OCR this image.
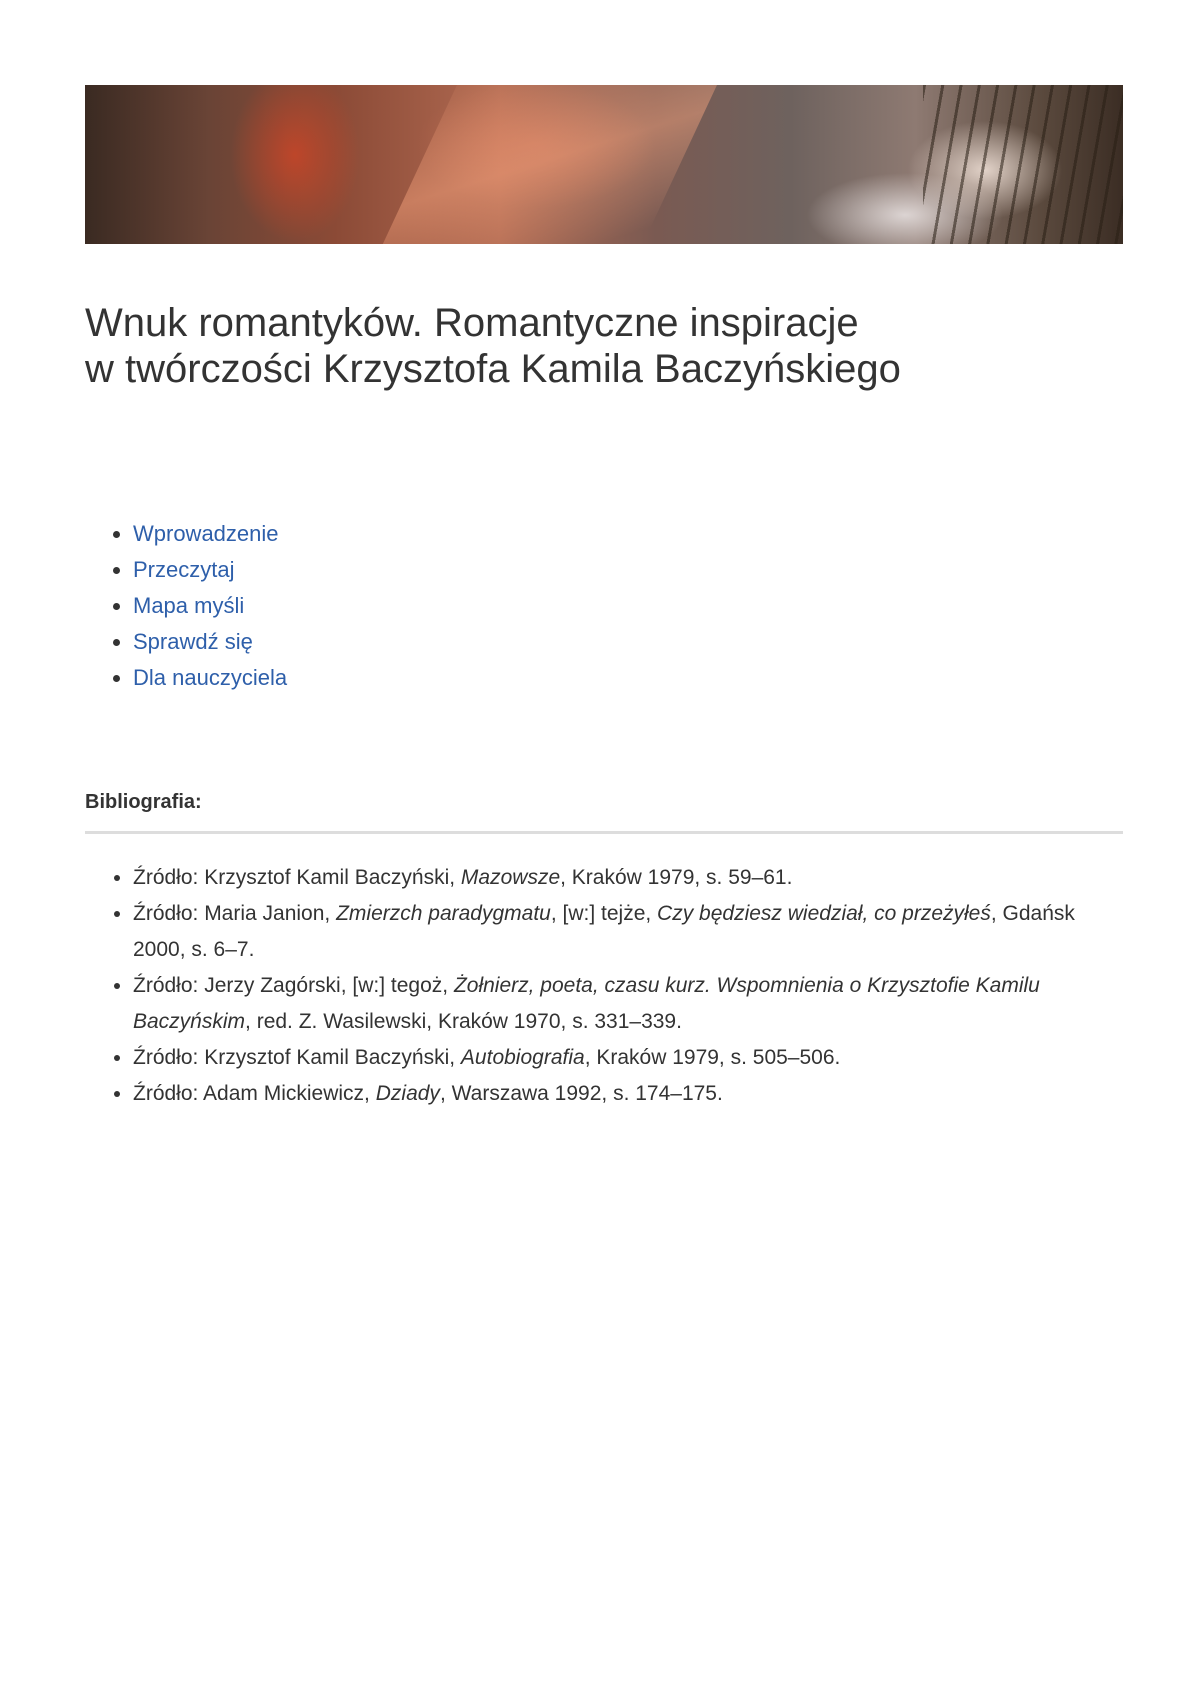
Wnuk romantyków. Romantyczne inspiracje
w twórczości Krzysztofa Kamila Baczyńskiego
• Wprowadzenie
• Przeczytaj
• Mapa myśli
• Sprawdź się
• Dla nauczyciela
Bibliografia:
• Źródło: Krzysztof Kamil Baczyński, Mazowsze, Kraków 1979, s. 59–61.
• Źródło: Maria Janion, Zmierzch paradygmatu, [w:] tejże, Czy będziesz wiedział, co przeżyłeś, Gdańsk 2000, s. 6–7.
• Źródło: Jerzy Zagórski, [w:] tegoż, Żołnierz, poeta, czasu kurz. Wspomnienia o Krzysztofie Kamilu Baczyńskim, red. Z. Wasilewski, Kraków 1970, s. 331–339.
• Źródło: Krzysztof Kamil Baczyński, Autobiografia, Kraków 1979, s. 505–506.
• Źródło: Adam Mickiewicz, Dziady, Warszawa 1992, s. 174–175.
